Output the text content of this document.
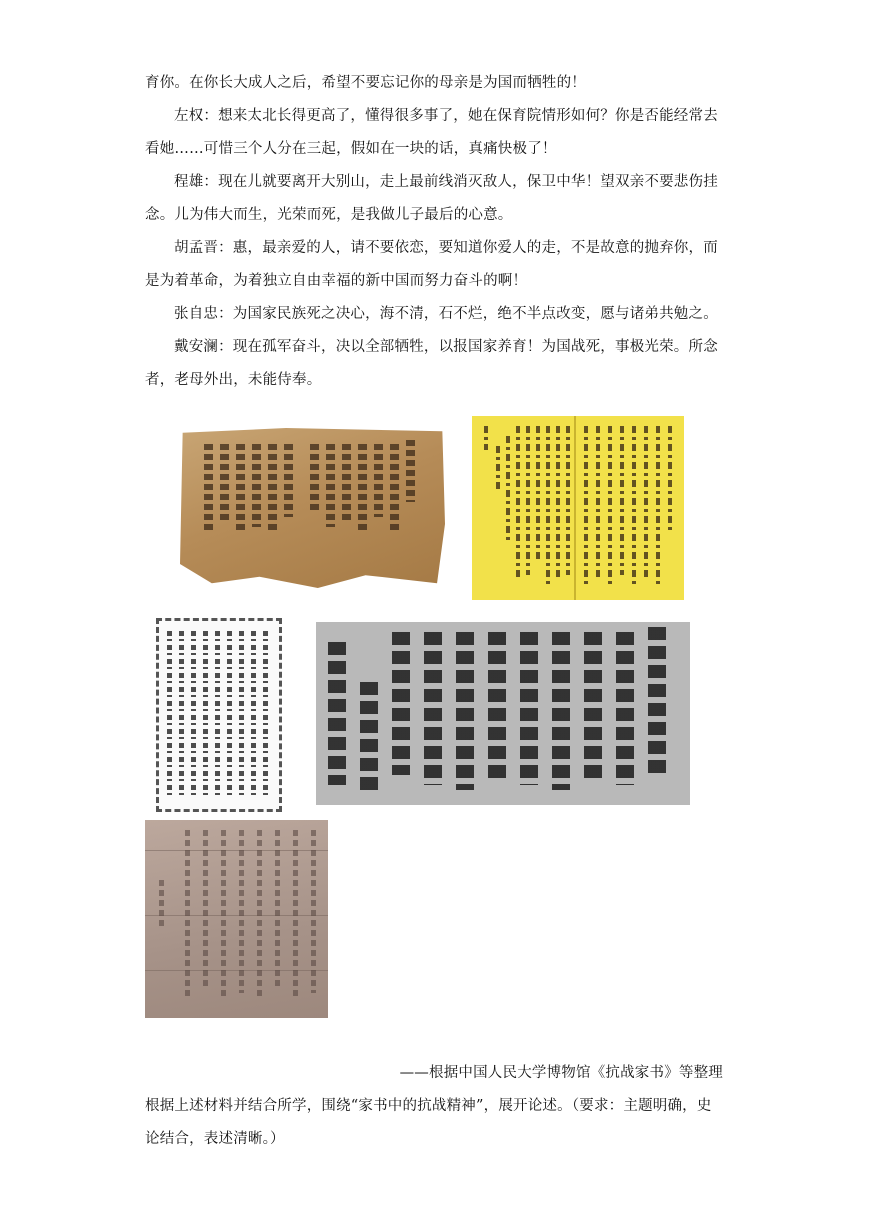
育你。在你长大成人之后，希望不要忘记你的母亲是为国而牺牲的！
左权：想来太北长得更高了，懂得很多事了，她在保育院情形如何？你是否能经常去看她……可惜三个人分在三起，假如在一块的话，真痛快极了！
程雄：现在儿就要离开大别山，走上最前线消灭敌人，保卫中华！望双亲不要悲伤挂念。儿为伟大而生，光荣而死，是我做儿子最后的心意。
胡孟晋：惠，最亲爱的人，请不要依恋，要知道你爱人的走，不是故意的抛弃你，而是为着革命，为着独立自由幸福的新中国而努力奋斗的啊！
张自忠：为国家民族死之决心，海不清，石不烂，绝不半点改变，愿与诸弟共勉之。
戴安澜：现在孤军奋斗，决以全部牺牲，以报国家养育！为国战死，事极光荣。所念者，老母外出，未能侍奉。
——根据中国人民大学博物馆《抗战家书》等整理
根据上述材料并结合所学，围绕“家书中的抗战精神”，展开论述。（要求：主题明确，史论结合，表述清晰。）
